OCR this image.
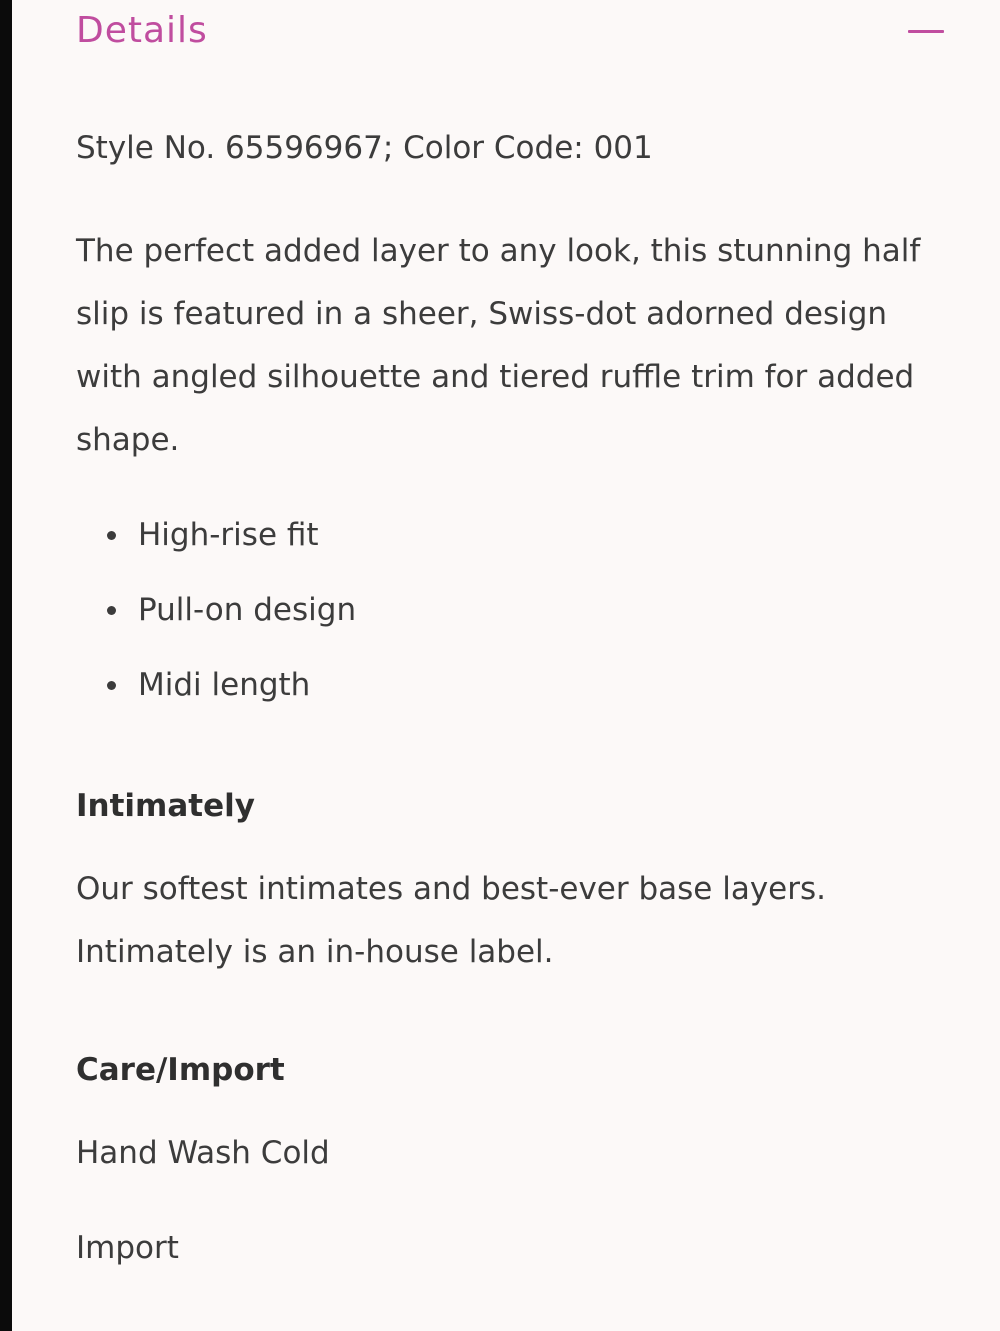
Details

Style No. 65596967; Color Code: 001

The perfect added layer to any look, this stunning half slip is featured in a sheer, Swiss-dot adorned design with angled silhouette and tiered ruffle trim for added shape.

High-rise fit
Pull-on design
Midi length
Intimately

Our softest intimates and best-ever base layers. Intimately is an in-house label.

Care/Import

Hand Wash Cold

Import
